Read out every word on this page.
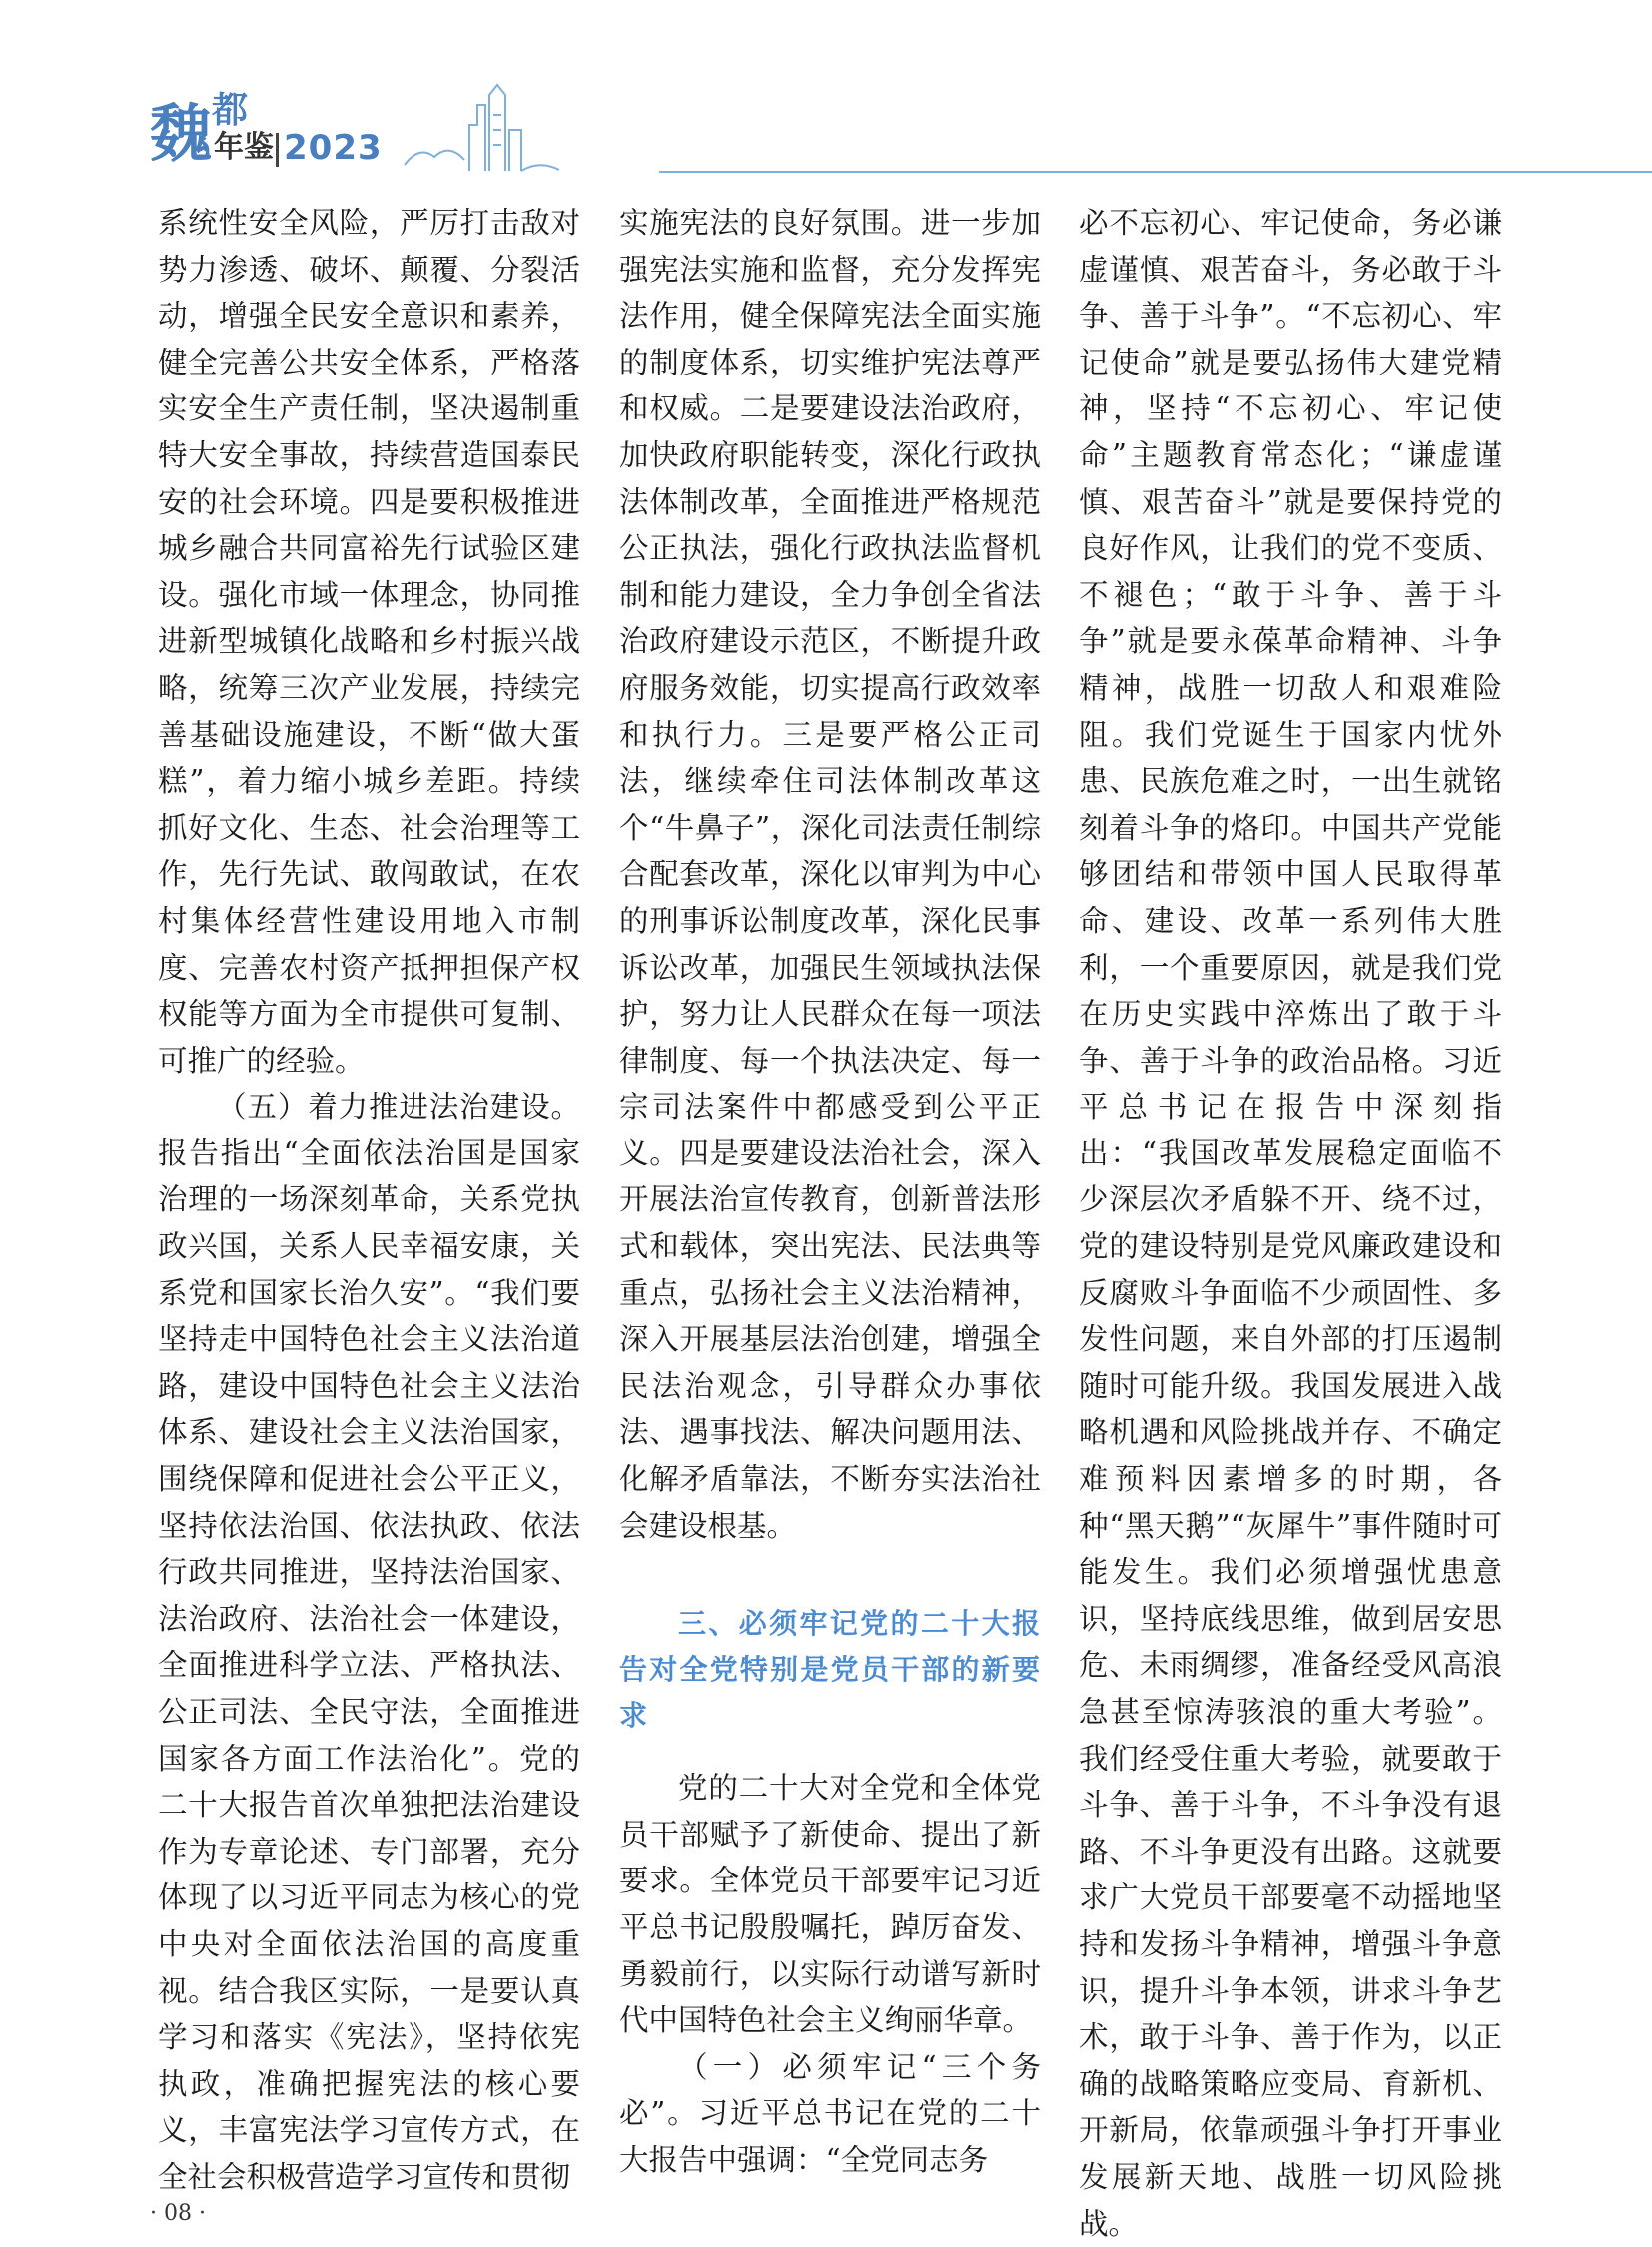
魏 都
年鉴 2023

系统性安全风险，严厉打击敌对势力渗透、破坏、颠覆、分裂活动，增强全民安全意识和素养，健全完善公共安全体系，严格落实安全生产责任制，坚决遏制重特大安全事故，持续营造国泰民安的社会环境。四是要积极推进城乡融合共同富裕先行试验区建设。强化市域一体理念，协同推进新型城镇化战略和乡村振兴战略，统筹三次产业发展，持续完善基础设施建设，不断“做大蛋糕”，着力缩小城乡差距。持续抓好文化、生态、社会治理等工作，先行先试、敢闯敢试，在农村集体经营性建设用地入市制度、完善农村资产抵押担保产权权能等方面为全市提供可复制、可推广的经验。

（五）着力推进法治建设。报告指出“全面依法治国是国家治理的一场深刻革命，关系党执政兴国，关系人民幸福安康，关系党和国家长治久安”。“我们要坚持走中国特色社会主义法治道路，建设中国特色社会主义法治体系、建设社会主义法治国家，围绕保障和促进社会公平正义，坚持依法治国、依法执政、依法行政共同推进，坚持法治国家、法治政府、法治社会一体建设，全面推进科学立法、严格执法、公正司法、全民守法，全面推进国家各方面工作法治化”。党的二十大报告首次单独把法治建设作为专章论述、专门部署，充分体现了以习近平同志为核心的党中央对全面依法治国的高度重视。结合我区实际，一是要认真学习和落实《宪法》，坚持依宪执政，准确把握宪法的核心要义，丰富宪法学习宣传方式，在全社会积极营造学习宣传和贯彻

实施宪法的良好氛围。进一步加强宪法实施和监督，充分发挥宪法作用，健全保障宪法全面实施的制度体系，切实维护宪法尊严和权威。二是要建设法治政府，加快政府职能转变，深化行政执法体制改革，全面推进严格规范公正执法，强化行政执法监督机制和能力建设，全力争创全省法治政府建设示范区，不断提升政府服务效能，切实提高行政效率和执行力。三是要严格公正司法，继续牵住司法体制改革这个“牛鼻子”，深化司法责任制综合配套改革，深化以审判为中心的刑事诉讼制度改革，深化民事诉讼改革，加强民生领域执法保护，努力让人民群众在每一项法律制度、每一个执法决定、每一宗司法案件中都感受到公平正义。四是要建设法治社会，深入开展法治宣传教育，创新普法形式和载体，突出宪法、民法典等重点，弘扬社会主义法治精神，深入开展基层法治创建，增强全民法治观念，引导群众办事依法、遇事找法、解决问题用法、化解矛盾靠法，不断夯实法治社会建设根基。

三、必须牢记党的二十大报告对全党特别是党员干部的新要求

党的二十大对全党和全体党员干部赋予了新使命、提出了新要求。全体党员干部要牢记习近平总书记殷殷嘱托，踔厉奋发、勇毅前行，以实际行动谱写新时代中国特色社会主义绚丽华章。

（一）必须牢记“三个务必”。习近平总书记在党的二十大报告中强调：“全党同志务

必不忘初心、牢记使命，务必谦虚谨慎、艰苦奋斗，务必敢于斗争、善于斗争”。“不忘初心、牢记使命”就是要弘扬伟大建党精神，坚持“不忘初心、牢记使命”主题教育常态化；“谦虚谨慎、艰苦奋斗”就是要保持党的良好作风，让我们的党不变质、不褪色；“敢于斗争、善于斗争”就是要永葆革命精神、斗争精神，战胜一切敌人和艰难险阻。我们党诞生于国家内忧外患、民族危难之时，一出生就铭刻着斗争的烙印。中国共产党能够团结和带领中国人民取得革命、建设、改革一系列伟大胜利，一个重要原因，就是我们党在历史实践中淬炼出了敢于斗争、善于斗争的政治品格。习近平总书记在报告中深刻指出：“我国改革发展稳定面临不少深层次矛盾躲不开、绕不过，党的建设特别是党风廉政建设和反腐败斗争面临不少顽固性、多发性问题，来自外部的打压遏制随时可能升级。我国发展进入战略机遇和风险挑战并存、不确定难预料因素增多的时期，各种“黑天鹅”“灰犀牛”事件随时可能发生。我们必须增强忧患意识，坚持底线思维，做到居安思危、未雨绸缪，准备经受风高浪急甚至惊涛骇浪的重大考验”。我们经受住重大考验，就要敢于斗争、善于斗争，不斗争没有退路、不斗争更没有出路。这就要求广大党员干部要毫不动摇地坚持和发扬斗争精神，增强斗争意识，提升斗争本领，讲求斗争艺术，敢于斗争、善于作为，以正确的战略策略应变局、育新机、开新局，依靠顽强斗争打开事业发展新天地、战胜一切风险挑战。

· 08 ·
